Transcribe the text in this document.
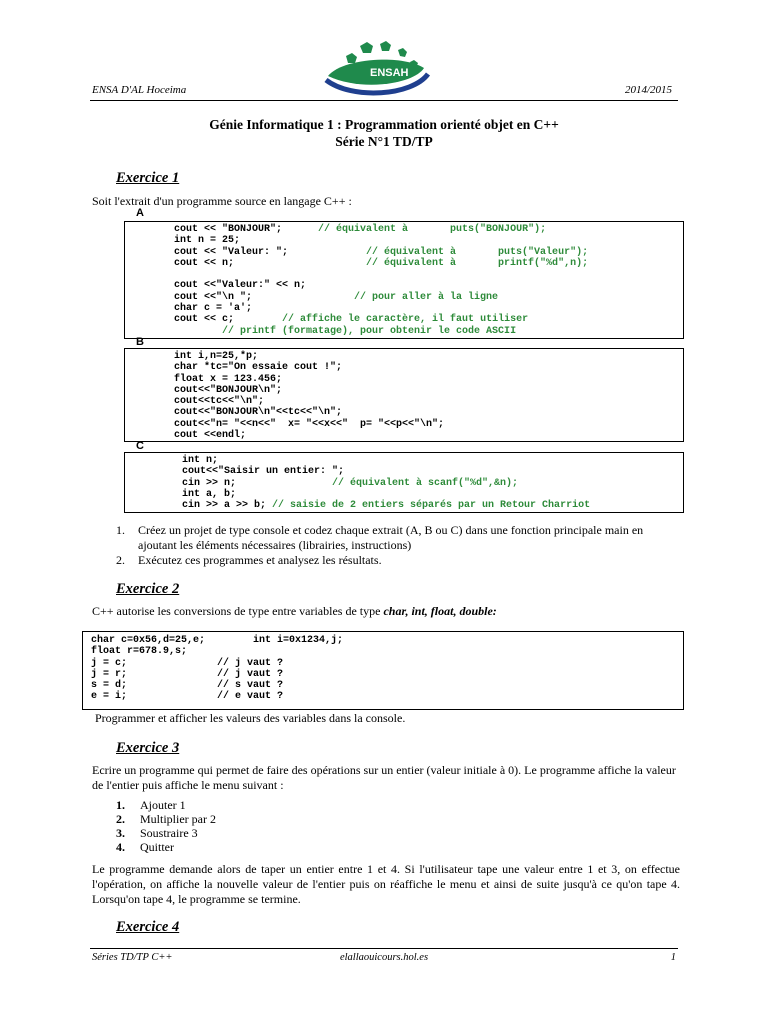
ENSAH
ENSA D'AL Hoceima	2014/2015
Génie Informatique 1 : Programmation orienté objet en C++
Série N°1 TD/TP
Exercice 1
Soit l'extrait d'un programme source en langage C++ :
A
cout << "BONJOUR";      // équivalent à       puts("BONJOUR");
int n = 25;
cout << "Valeur: ";             // équivalent à       puts("Valeur");
cout << n;                      // équivalent à       printf("%d",n);

cout <<"Valeur:" << n;
cout <<"\n ";                 // pour aller à la ligne
char c = 'a';
cout << c;        // affiche le caractère, il faut utiliser
// printf (formatage), pour obtenir le code ASCII
B
int i,n=25,*p;
char *tc="On essaie cout !";
float x = 123.456;
cout<<"BONJOUR\n";
cout<<tc<<"\n";
cout<<"BONJOUR\n"<<tc<<"\n";
cout<<"n= "<<n<<"  x= "<<x<<"  p= "<<p<<"\n";
cout <<endl;
C
int n;
cout<<"Saisir un entier: ";
cin >> n;                // équivalent à scanf("%d",&n);
int a, b;
cin >> a >> b; // saisie de 2 entiers séparés par un Retour Charriot
1. Créez un projet de type console et codez chaque extrait (A, B ou C) dans une fonction principale main en ajoutant les éléments nécessaires (librairies, instructions)
2. Exécutez ces programmes et analysez les résultats.
Exercice 2
C++ autorise les conversions de type entre variables de type char, int, float, double:
char c=0x56,d=25,e;        int i=0x1234,j;
float r=678.9,s;
j = c;               // j vaut ?
j = r;               // j vaut ?
s = d;               // s vaut ?
e = i;               // e vaut ?
Programmer et afficher les valeurs des variables dans la console.
Exercice 3
Ecrire un programme qui permet de faire des opérations sur un entier (valeur initiale à 0). Le programme affiche la valeur de l'entier puis affiche le menu suivant :
1. Ajouter 1
2. Multiplier par 2
3. Soustraire 3
4. Quitter
Le programme demande alors de taper un entier entre 1 et 4. Si l'utilisateur tape une valeur entre 1 et 3, on effectue l'opération, on affiche la nouvelle valeur de l'entier puis on réaffiche le menu et ainsi de suite jusqu'à ce qu'on tape 4. Lorsqu'on tape 4, le programme se termine.
Exercice 4
Séries TD/TP C++	elallaouicours.hol.es	1
